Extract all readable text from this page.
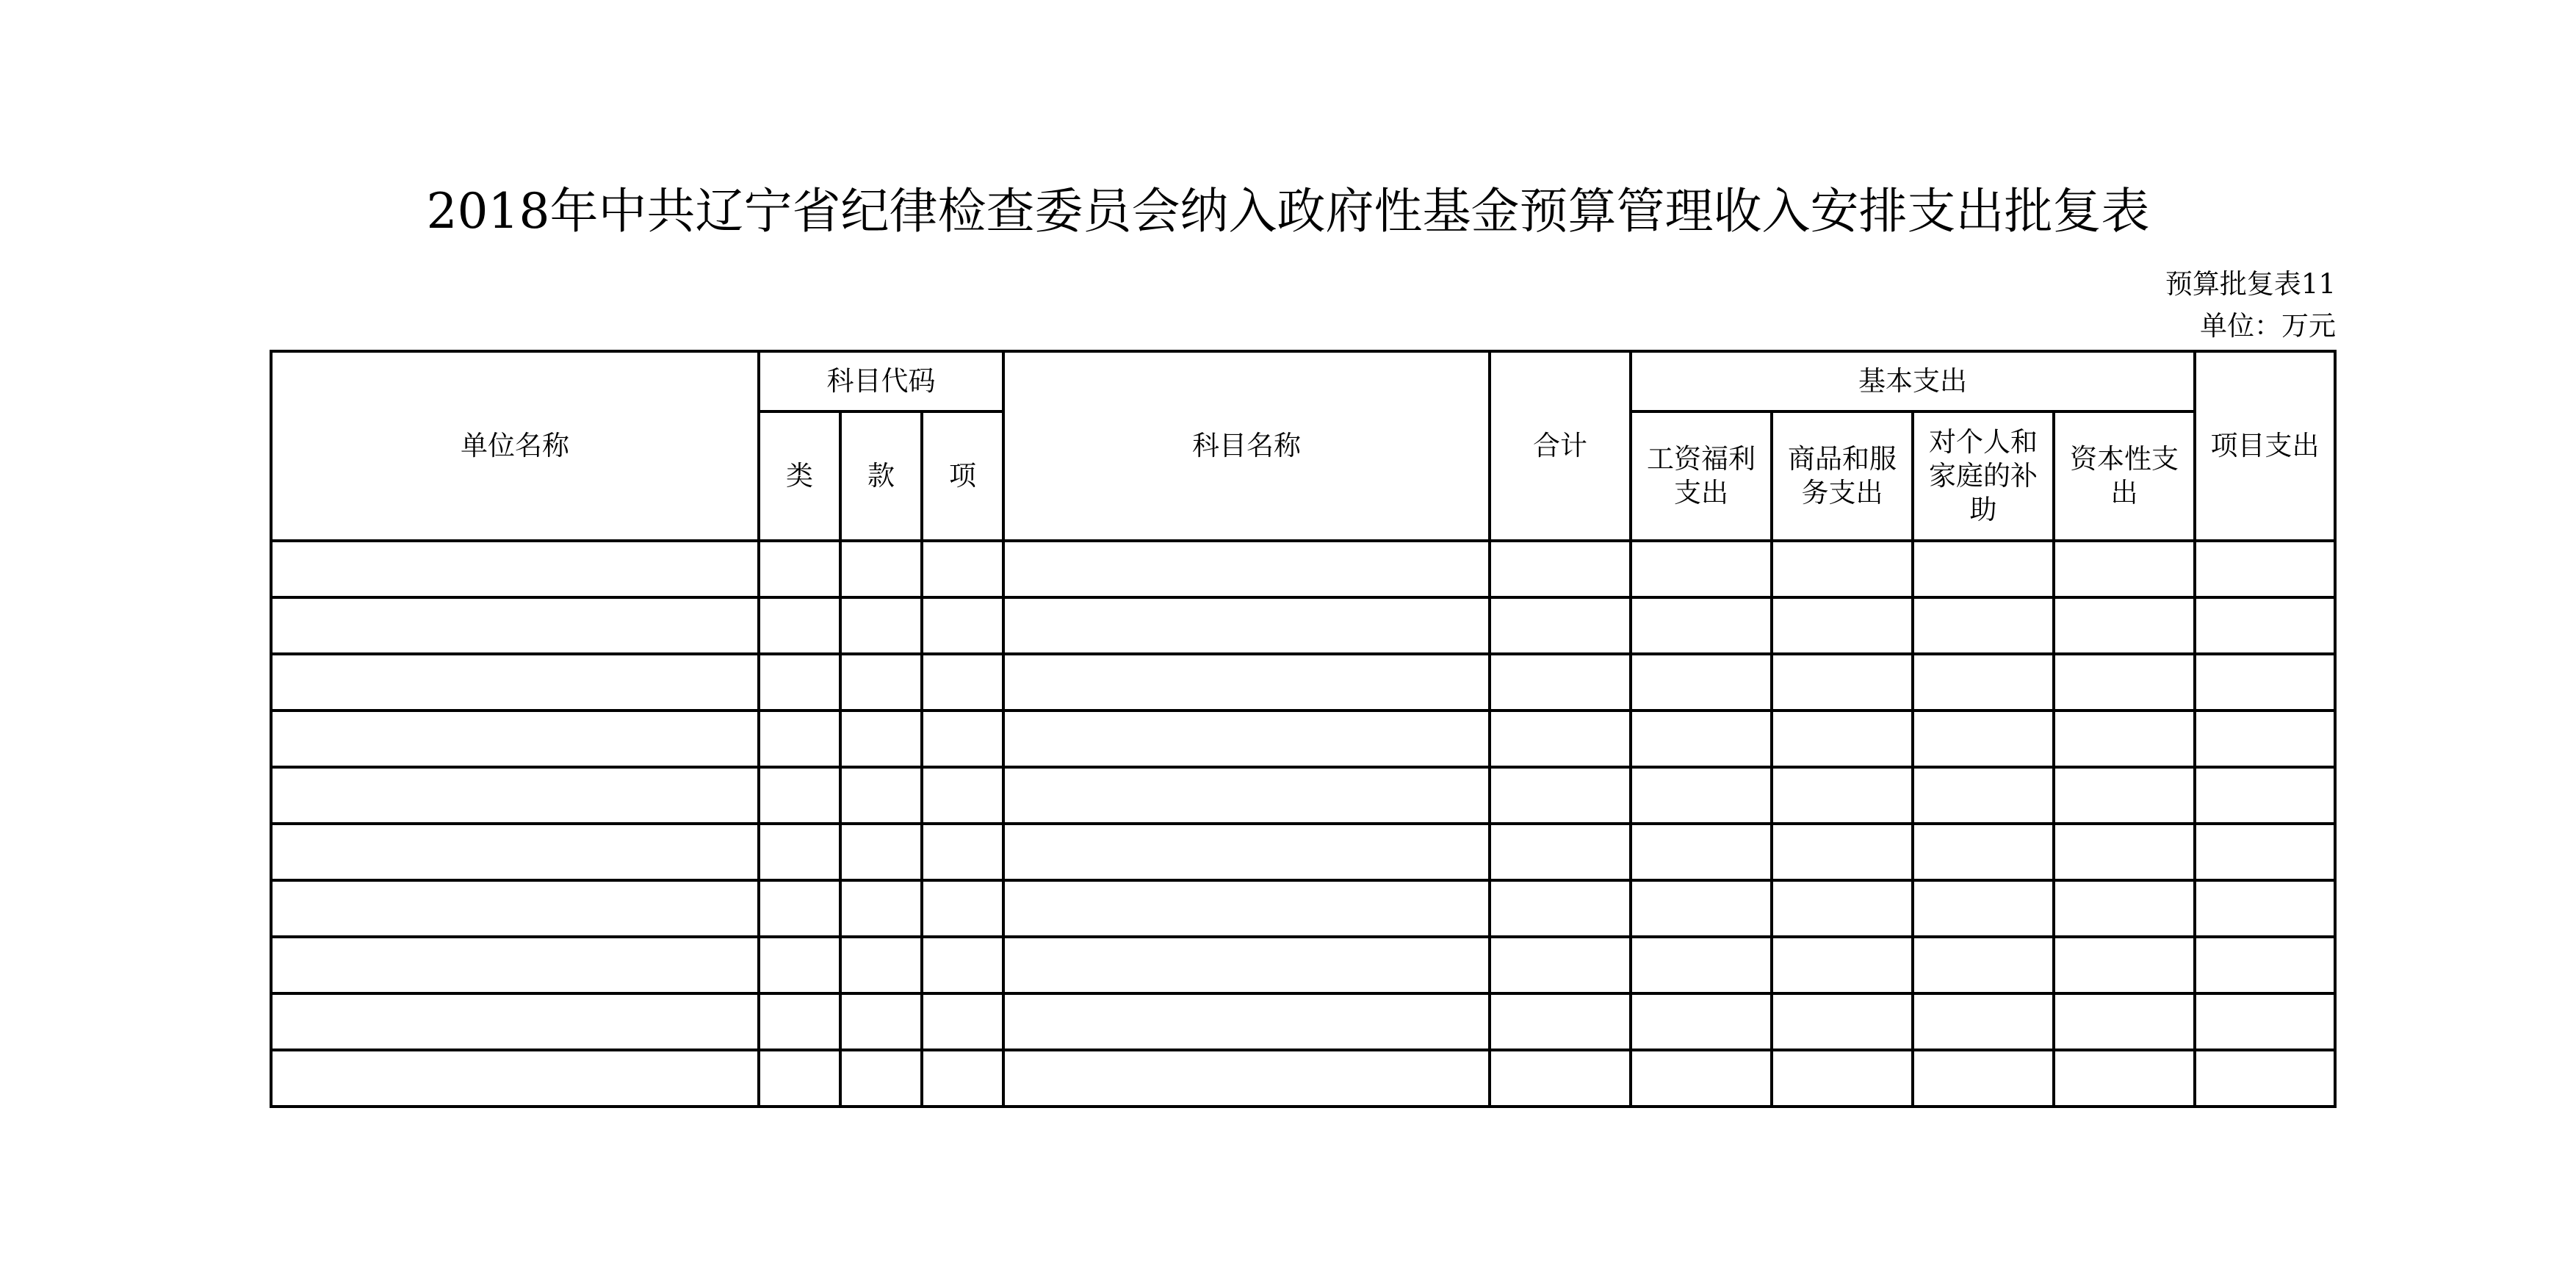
2018年中共辽宁省纪律检查委员会纳入政府性基金预算管理收入安排支出批复表
预算批复表11
单位：万元
单位名称	科目代码			科目名称	合计	基本支出				项目支出
	类	款	项			工资福利支出	商品和服务支出	对个人和家庭的补助	资本性支出	
